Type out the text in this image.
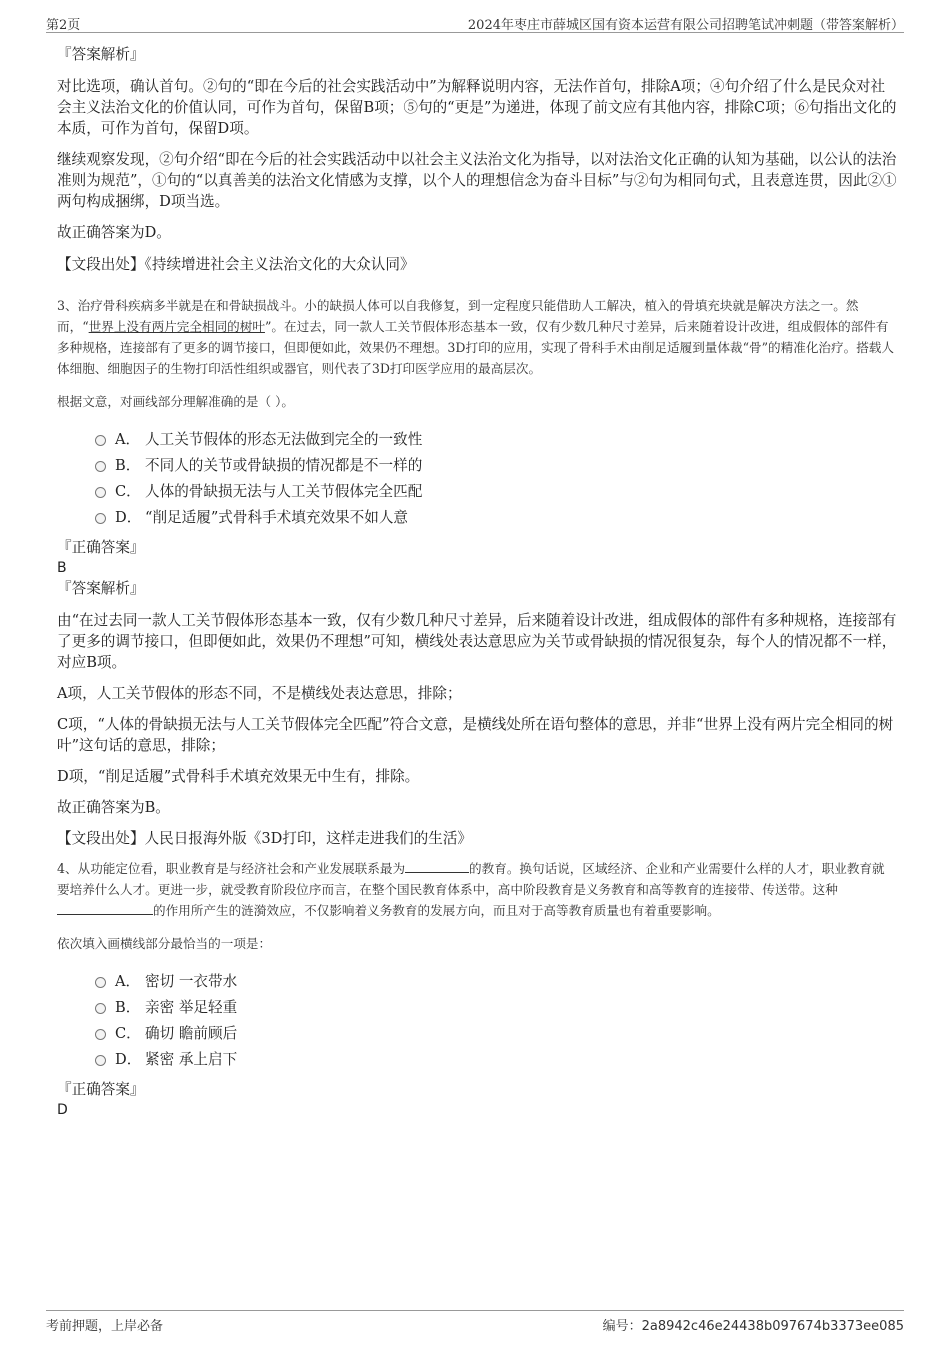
第2页	2024年枣庄市薛城区国有资本运营有限公司招聘笔试冲刺题（带答案解析）

『答案解析』

对比选项，确认首句。②句的“即在今后的社会实践活动中”为解释说明内容，无法作首句，排除A项；④句介绍了什么是民众对社会主义法治文化的价值认同，可作为首句，保留B项；⑤句的“更是”为递进，体现了前文应有其他内容，排除C项；⑥句指出文化的本质，可作为首句，保留D项。

继续观察发现，②句介绍“即在今后的社会实践活动中以社会主义法治文化为指导，以对法治文化正确的认知为基础，以公认的法治准则为规范”，①句的“以真善美的法治文化情感为支撑，以个人的理想信念为奋斗目标”与②句为相同句式，且表意连贯，因此②①两句构成捆绑，D项当选。

故正确答案为D。

【文段出处】《持续增进社会主义法治文化的大众认同》

3、治疗骨科疾病多半就是在和骨缺损战斗。小的缺损人体可以自我修复，到一定程度只能借助人工解决，植入的骨填充块就是解决方法之一。然而，“世界上没有两片完全相同的树叶”。在过去，同一款人工关节假体形态基本一致，仅有少数几种尺寸差异，后来随着设计改进，组成假体的部件有多种规格，连接部有了更多的调节接口，但即便如此，效果仍不理想。3D打印的应用，实现了骨科手术由削足适履到量体裁“骨”的精准化治疗。搭载人体细胞、细胞因子的生物打印活性组织或器官，则代表了3D打印医学应用的最高层次。

根据文意，对画线部分理解准确的是（ ）。

A． 人工关节假体的形态无法做到完全的一致性
B． 不同人的关节或骨缺损的情况都是不一样的
C． 人体的骨缺损无法与人工关节假体完全匹配
D． “削足适履”式骨科手术填充效果不如人意

『正确答案』

B

『答案解析』

由“在过去同一款人工关节假体形态基本一致，仅有少数几种尺寸差异，后来随着设计改进，组成假体的部件有多种规格，连接部有了更多的调节接口，但即便如此，效果仍不理想”可知，横线处表达意思应为关节或骨缺损的情况很复杂，每个人的情况都不一样，对应B项。

A项，人工关节假体的形态不同，不是横线处表达意思，排除；

C项，“人体的骨缺损无法与人工关节假体完全匹配”符合文意，是横线处所在语句整体的意思，并非“世界上没有两片完全相同的树叶”这句话的意思，排除；

D项，“削足适履”式骨科手术填充效果无中生有，排除。

故正确答案为B。

【文段出处】人民日报海外版《3D打印，这样走进我们的生活》

4、从功能定位看，职业教育是与经济社会和产业发展联系最为	的教育。换句话说，区域经济、企业和产业需要什么样的人才，职业教育就要培养什么人才。更进一步，就受教育阶段位序而言，在整个国民教育体系中，高中阶段教育是义务教育和高等教育的连接带、传送带。这种的作用所产生的涟漪效应，不仅影响着义务教育的发展方向，而且对于高等教育质量也有着重要影响。

依次填入画横线部分最恰当的一项是：

A． 密切 一衣带水
B． 亲密 举足轻重
C． 确切 瞻前顾后
D． 紧密 承上启下

『正确答案』

D

考前押题，上岸必备	编号：2a8942c46e24438b097674b3373ee085
